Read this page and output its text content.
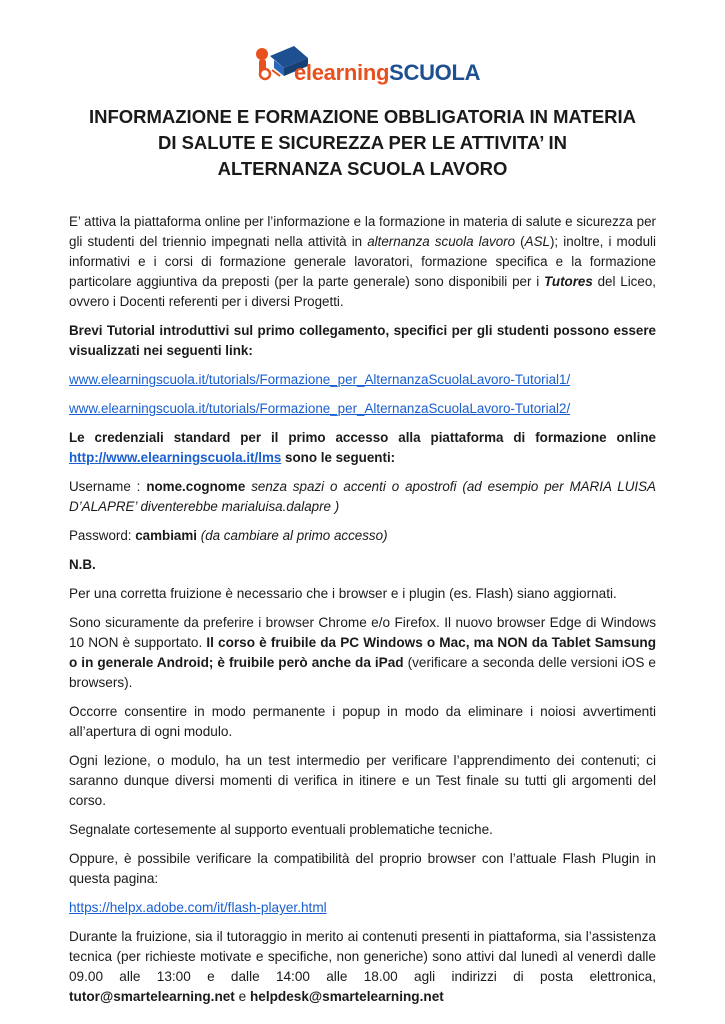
elearningSCUOLA
INFORMAZIONE E FORMAZIONE OBBLIGATORIA IN MATERIA
DI SALUTE E SICUREZZA PER LE ATTIVITA’ IN
ALTERNANZA SCUOLA LAVORO

E’ attiva la piattaforma online per l’informazione e la formazione in materia di salute e sicurezza per gli studenti del triennio impegnati nella attività in alternanza scuola lavoro (ASL); inoltre, i moduli informativi e i corsi di formazione generale lavoratori, formazione specifica e la formazione particolare aggiuntiva da preposti (per la parte generale) sono disponibili per i Tutores del Liceo, ovvero i Docenti referenti per i diversi Progetti.

Brevi Tutorial introduttivi sul primo collegamento, specifici per gli studenti possono essere visualizzati nei seguenti link:

www.elearningscuola.it/tutorials/Formazione_per_AlternanzaScuolaLavoro-Tutorial1/

www.elearningscuola.it/tutorials/Formazione_per_AlternanzaScuolaLavoro-Tutorial2/

Le credenziali standard per il primo accesso alla piattaforma di formazione online http://www.elearningscuola.it/lms sono le seguenti:

Username : nome.cognome senza spazi o accenti o apostrofi (ad esempio per MARIA LUISA D’ALAPRE’ diventerebbe marialuisa.dalapre )

Password: cambiami (da cambiare al primo accesso)

N.B.

Per una corretta fruizione è necessario che i browser e i plugin (es. Flash) siano aggiornati.

Sono sicuramente da preferire i browser Chrome e/o Firefox. Il nuovo browser Edge di Windows 10 NON è supportato. Il corso è fruibile da PC Windows o Mac, ma NON da Tablet Samsung o in generale Android; è fruibile però anche da iPad (verificare a seconda delle versioni iOS e browsers).

Occorre consentire in modo permanente i popup in modo da eliminare i noiosi avvertimenti all’apertura di ogni modulo.

Ogni lezione, o modulo, ha un test intermedio per verificare l’apprendimento dei contenuti; ci saranno dunque diversi momenti di verifica in itinere e un Test finale su tutti gli argomenti del corso.

Segnalate cortesemente al supporto eventuali problematiche tecniche.

Oppure, è possibile verificare la compatibilità del proprio browser con l’attuale Flash Plugin in questa pagina:

https://helpx.adobe.com/it/flash-player.html

Durante la fruizione, sia il tutoraggio in merito ai contenuti presenti in piattaforma, sia l’assistenza tecnica (per richieste motivate e specifiche, non generiche) sono attivi dal lunedì al venerdì dalle 09.00 alle 13:00 e dalle 14:00 alle 18.00 agli indirizzi di posta elettronica, tutor@smartelearning.net e helpdesk@smartelearning.net
